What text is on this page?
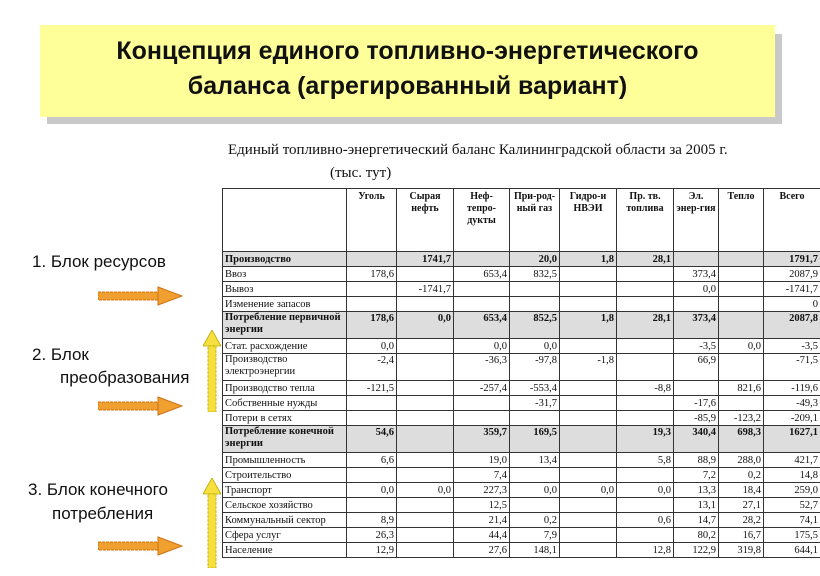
Концепция единого топливно-энергетического
баланса (агрегированный вариант)
Единый топливно-энергетический баланс Калининградской области за 2005 г.
(тыс. тут)
1. Блок ресурсов
2. Блок
преобразования
3. Блок конечного
потребления
	Уголь	Сырая нефть	Неф-тепро-дукты	При-род-ный газ	Гидро-и НВЭИ	Пр. тв. топлива	Эл. энер-гия	Тепло	Всего
Производство		1741,7		20,0	1,8	28,1			1791,7
Ввоз	178,6		653,4	832,5			373,4		2087,9
Вывоз		-1741,7					0,0		-1741,7
Изменение запасов									0
Потребление первичной энергии	178,6	0,0	653,4	852,5	1,8	28,1	373,4		2087,8
Стат. расхождение	0,0		0,0	0,0			-3,5	0,0	-3,5
Производство электроэнергии	-2,4		-36,3	-97,8	-1,8		66,9		-71,5
Производство тепла	-121,5		-257,4	-553,4		-8,8		821,6	-119,6
Собственные нужды				-31,7			-17,6		-49,3
Потери в сетях							-85,9	-123,2	-209,1
Потребление конечной энергии	54,6		359,7	169,5		19,3	340,4	698,3	1627,1
Промышленность	6,6		19,0	13,4		5,8	88,9	288,0	421,7
Строительство			7,4				7,2	0,2	14,8
Транспорт	0,0	0,0	227,3	0,0	0,0	0,0	13,3	18,4	259,0
Сельское хозяйство			12,5				13,1	27,1	52,7
Коммунальный сектор	8,9		21,4	0,2		0,6	14,7	28,2	74,1
Сфера услуг	26,3		44,4	7,9			80,2	16,7	175,5
Население	12,9		27,6	148,1		12,8	122,9	319,8	644,1
